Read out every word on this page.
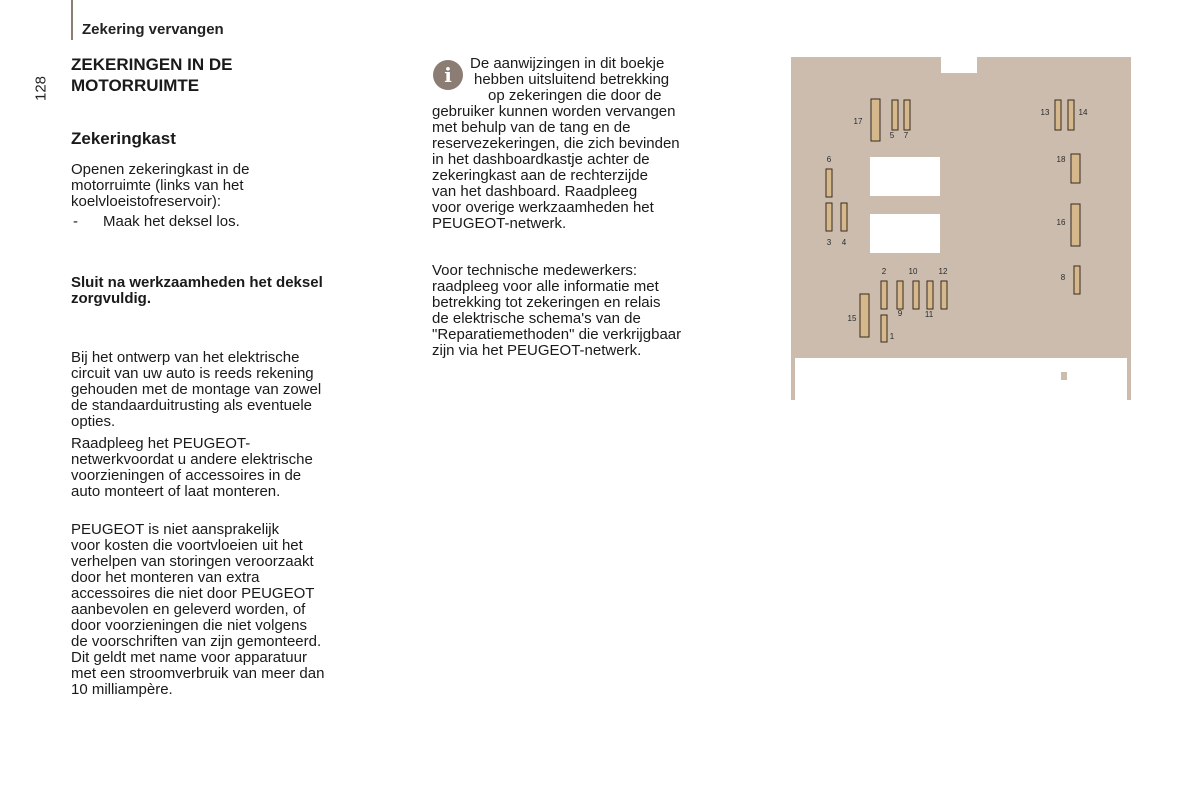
Zekering vervangen
128
ZEKERINGEN IN DE
MOTORRUIMTE
Zekeringkast
Openen zekeringkast in de
motorruimte (links van het
koelvloeistofreservoir):
- Maak het deksel los.
Sluit na werkzaamheden het deksel
zorgvuldig.
Bij het ontwerp van het elektrische
circuit van uw auto is reeds rekening
gehouden met de montage van zowel
de standaarduitrusting als eventuele
opties.
Raadpleeg het PEUGEOT-
netwerkvoordat u andere elektrische
voorzieningen of accessoires in de
auto monteert of laat monteren.
PEUGEOT is niet aansprakelijk
voor kosten die voortvloeien uit het
verhelpen van storingen veroorzaakt
door het monteren van extra
accessoires die niet door PEUGEOT
aanbevolen en geleverd worden, of
door voorzieningen die niet volgens
de voorschriften van zijn gemonteerd.
Dit geldt met name voor apparatuur
met een stroomverbruik van meer dan
10 milliampère.
i	De aanwijzingen in dit boekje
hebben uitsluitend betrekking
op zekeringen die door de
gebruiker kunnen worden vervangen
met behulp van de tang en de
reservezekeringen, die zich bevinden
in het dashboardkastje achter de
zekeringkast aan de rechterzijde
van het dashboard. Raadpleeg
voor overige werkzaamheden het
PEUGEOT-netwerk.
Voor technische medewerkers:
raadpleeg voor alle informatie met
betrekking tot zekeringen en relais
de elektrische schema's van de
"Reparatiemethoden" die verkrijgbaar
zijn via het PEUGEOT-netwerk.
17
5 7
6
3 4
13	14
18
16
8
2	10	12
9	11
15
1
